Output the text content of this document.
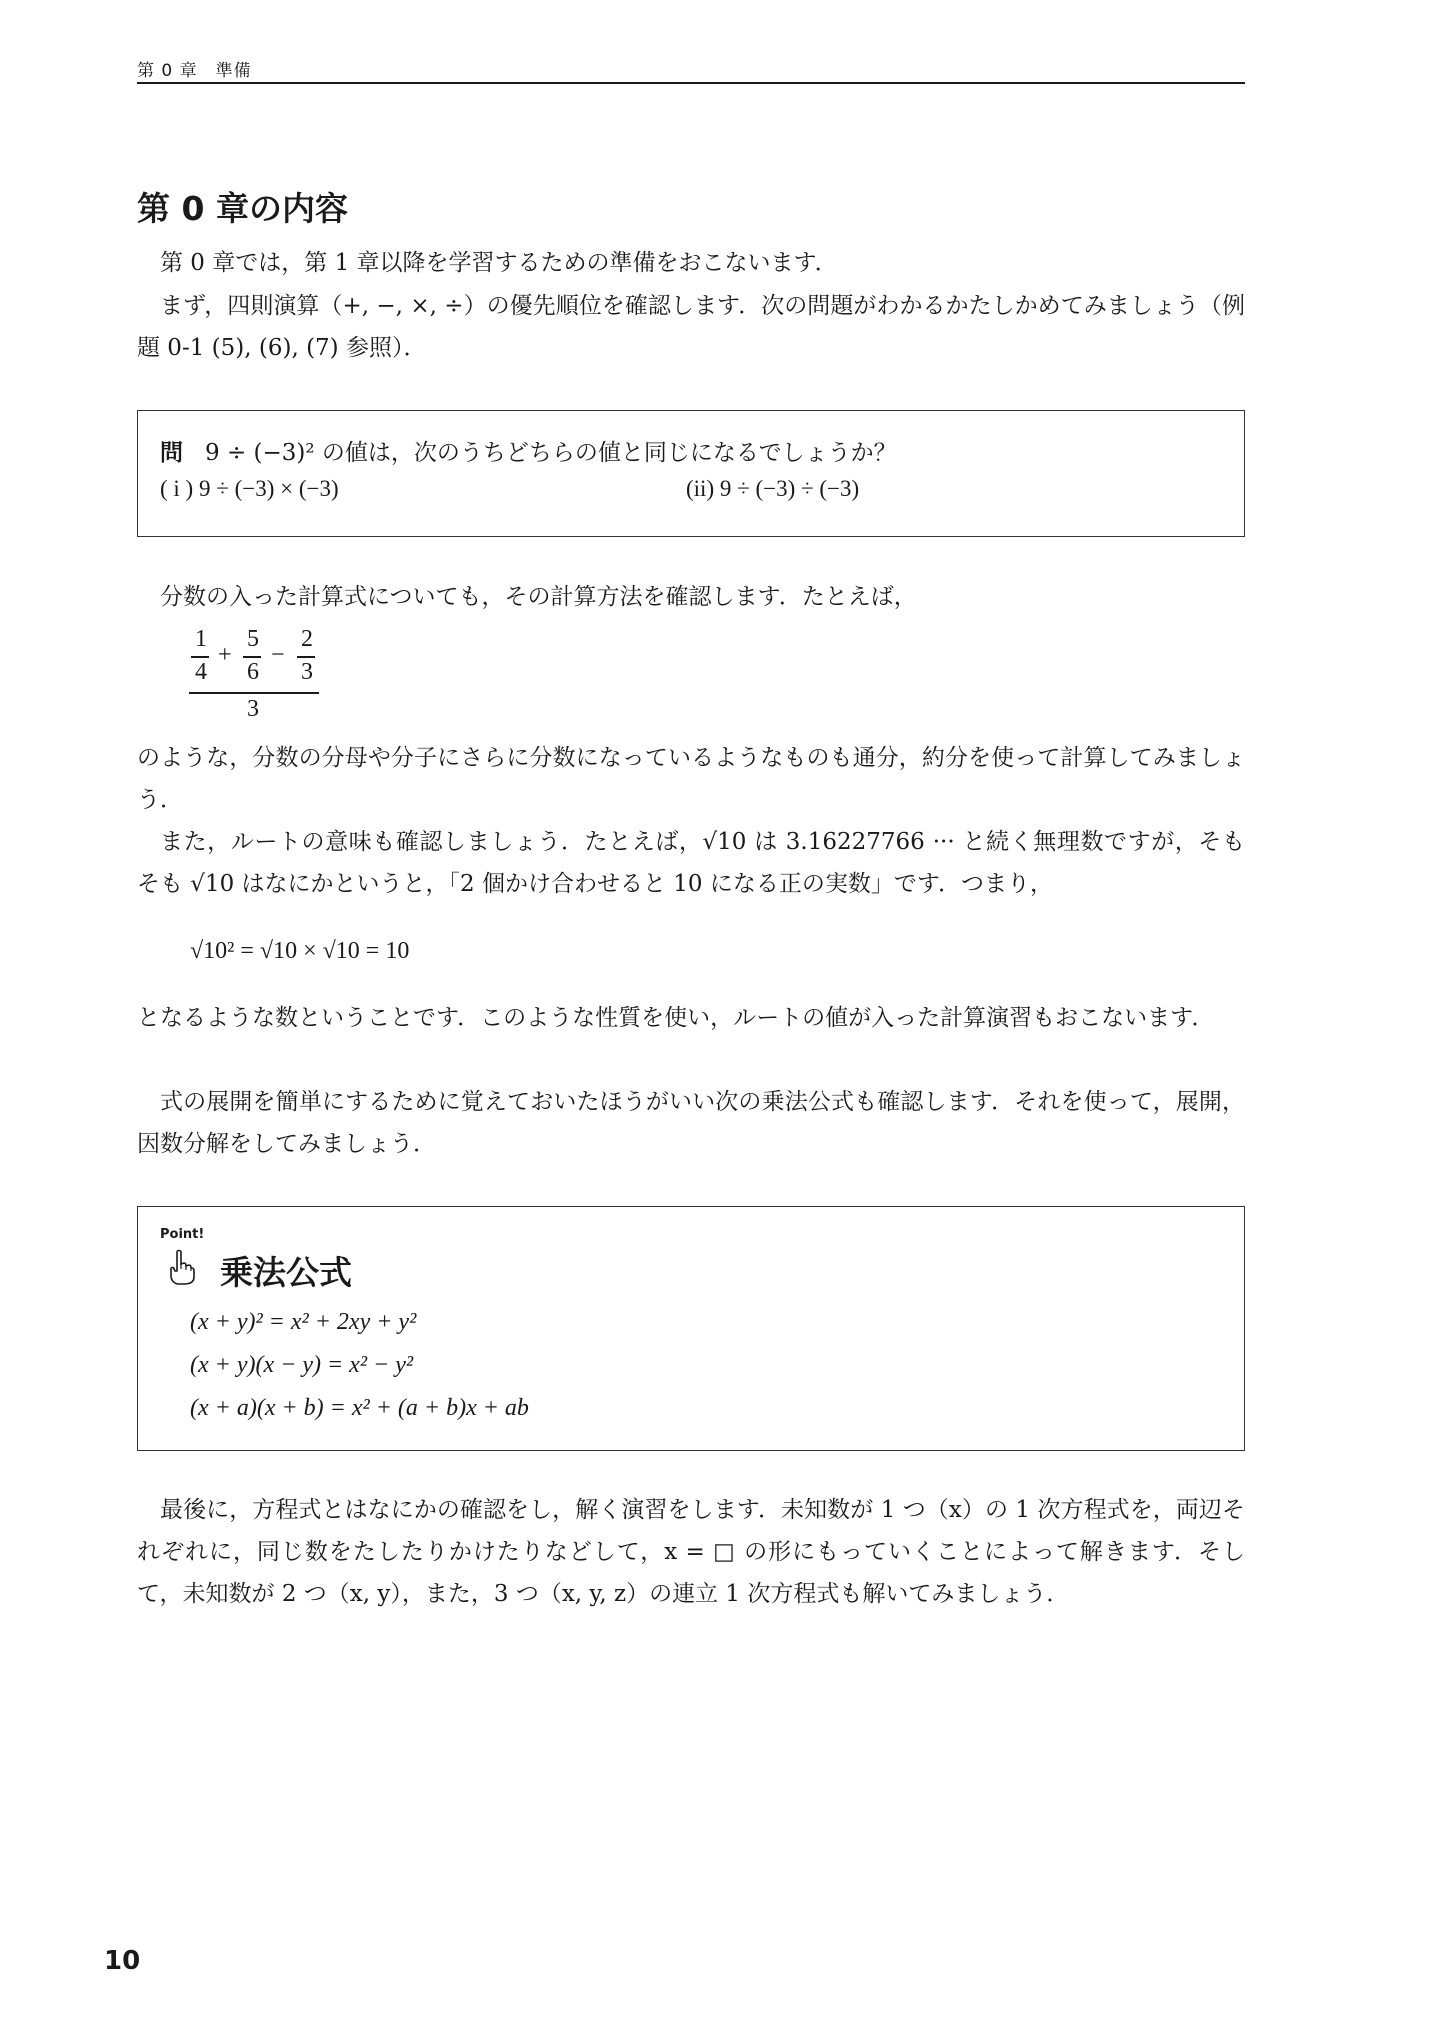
第 0 章　準備
第 0 章の内容
第 0 章では，第 1 章以降を学習するための準備をおこないます．
まず，四則演算（+, −, ×, ÷）の優先順位を確認します．次の問題がわかるかたしかめてみましょう（例題 0-1 (5), (6), (7) 参照）．
問 9 ÷ (−3)² の値は，次のうちどちらの値と同じになるでしょうか？
( i ) 9 ÷ (−3) × (−3)	(ii) 9 ÷ (−3) ÷ (−3)
分数の入った計算式についても，その計算方法を確認します．たとえば，
1
4
+
5
6
−
2
3
3
のような，分数の分母や分子にさらに分数になっているようなものも通分，約分を使って計算してみましょう．
また，ルートの意味も確認しましょう．たとえば，√10 は 3.16227766 ··· と続く無理数ですが，そもそも √10 はなにかというと，「2 個かけ合わせると 10 になる正の実数」です．つまり，
√10² = √10 × √10 = 10
となるような数ということです．このような性質を使い，ルートの値が入った計算演習もおこないます．
式の展開を簡単にするために覚えておいたほうがいい次の乗法公式も確認します．それを使って，展開，因数分解をしてみましょう．
Point!
乗法公式
(x + y)² = x² + 2xy + y²
(x + y)(x − y) = x² − y²
(x + a)(x + b) = x² + (a + b)x + ab
最後に，方程式とはなにかの確認をし，解く演習をします．未知数が 1 つ（x）の 1 次方程式を，両辺それぞれに，同じ数をたしたりかけたりなどして，x = □ の形にもっていくことによって解きます．そして，未知数が 2 つ（x, y），また，3 つ（x, y, z）の連立 1 次方程式も解いてみましょう．
10
